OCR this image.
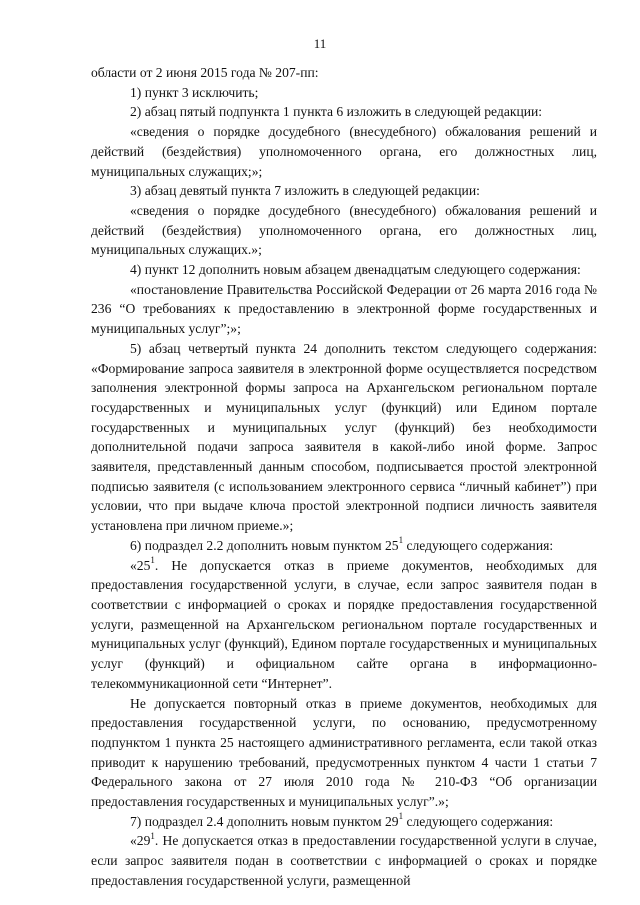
11

области от 2 июня 2015 года № 207-пп:

1) пункт 3 исключить;

2) абзац пятый подпункта 1 пункта 6 изложить в следующей редакции:

«сведения о порядке досудебного (внесудебного) обжалования решений и действий (бездействия) уполномоченного органа, его должностных лиц, муниципальных служащих;»;

3) абзац девятый пункта 7 изложить в следующей редакции:

«сведения о порядке досудебного (внесудебного) обжалования решений и действий (бездействия) уполномоченного органа, его должностных лиц, муниципальных служащих.»;

4) пункт 12 дополнить новым абзацем двенадцатым следующего содержания:

«постановление Правительства Российской Федерации от 26 марта 2016 года № 236 “О требованиях к предоставлению в электронной форме государственных и муниципальных услуг”;»;

5) абзац четвертый пункта 24 дополнить текстом следующего содержания: «Формирование запроса заявителя в электронной форме осуществляется посредством заполнения электронной формы запроса на Архангельском региональном портале государственных и муниципальных услуг (функций) или Едином портале государственных и муниципальных услуг (функций) без необходимости дополнительной подачи запроса заявителя в какой-либо иной форме. Запрос заявителя, представленный данным способом, подписывается простой электронной подписью заявителя (с использованием электронного сервиса “личный кабинет”) при условии, что при выдаче ключа простой электронной подписи личность заявителя установлена при личном приеме.»;

6) подраздел 2.2 дополнить новым пунктом $25^1$ следующего содержания:

«$25^1$. Не допускается отказ в приеме документов, необходимых для предоставления государственной услуги, в случае, если запрос заявителя подан в соответствии с информацией о сроках и порядке предоставления государственной услуги, размещенной на Архангельском региональном портале государственных и муниципальных услуг (функций), Едином портале государственных и муниципальных услуг (функций) и официальном сайте органа в информационно-телекоммуникационной сети “Интернет”.

Не допускается повторный отказ в приеме документов, необходимых для предоставления государственной услуги, по основанию, предусмотренному подпунктом 1 пункта 25 настоящего административного регламента, если такой отказ приводит к нарушению требований, предусмотренных пунктом 4 части 1 статьи 7 Федерального закона от 27 июля 2010 года № 210-ФЗ “Об организации предоставления государственных и муниципальных услуг”.»;

7) подраздел 2.4 дополнить новым пунктом $29^1$ следующего содержания:

«$29^1$. Не допускается отказ в предоставлении государственной услуги в случае, если запрос заявителя подан в соответствии с информацией о сроках и порядке предоставления государственной услуги, размещенной
